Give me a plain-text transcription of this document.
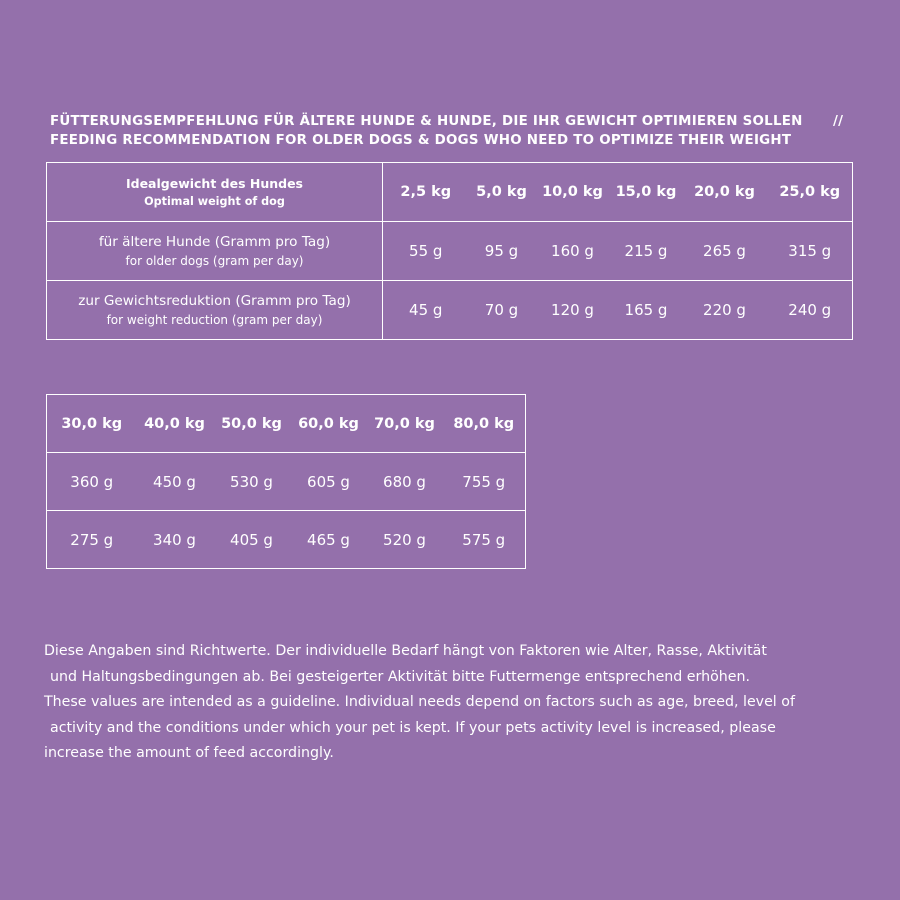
FÜTTERUNGSEMPFEHLUNG FÜR ÄLTERE HUNDE & HUNDE, DIE IHR GEWICHT OPTIMIEREN SOLLEN	//
FEEDING RECOMMENDATION FOR OLDER DOGS & DOGS WHO NEED TO OPTIMIZE THEIR WEIGHT
Idealgewicht des Hundes
Optimal weight of dog	2,5 kg	5,0 kg	10,0 kg	15,0 kg	20,0 kg	25,0 kg

für ältere Hunde (Gramm pro Tag)
for older dogs (gram per day)	55 g	95 g	160 g	215 g	265 g	315 g

zur Gewichtsreduktion (Gramm pro Tag)
for weight reduction (gram per day)	45 g	70 g	120 g	165 g	220 g	240 g
30,0 kg	40,0 kg	50,0 kg	60,0 kg	70,0 kg	80,0 kg
360 g	450 g	530 g	605 g	680 g	755 g
275 g	340 g	405 g	465 g	520 g	575 g

Diese Angaben sind Richtwerte. Der individuelle Bedarf hängt von Faktoren wie Alter, Rasse, Aktivität

und Haltungsbedingungen ab. Bei gesteigerter Aktivität bitte Futtermenge entsprechend erhöhen.

These values are intended as a guideline. Individual needs depend on factors such as age, breed, level of

activity and the conditions under which your pet is kept. If your pets activity level is increased, please

increase the amount of feed accordingly.
